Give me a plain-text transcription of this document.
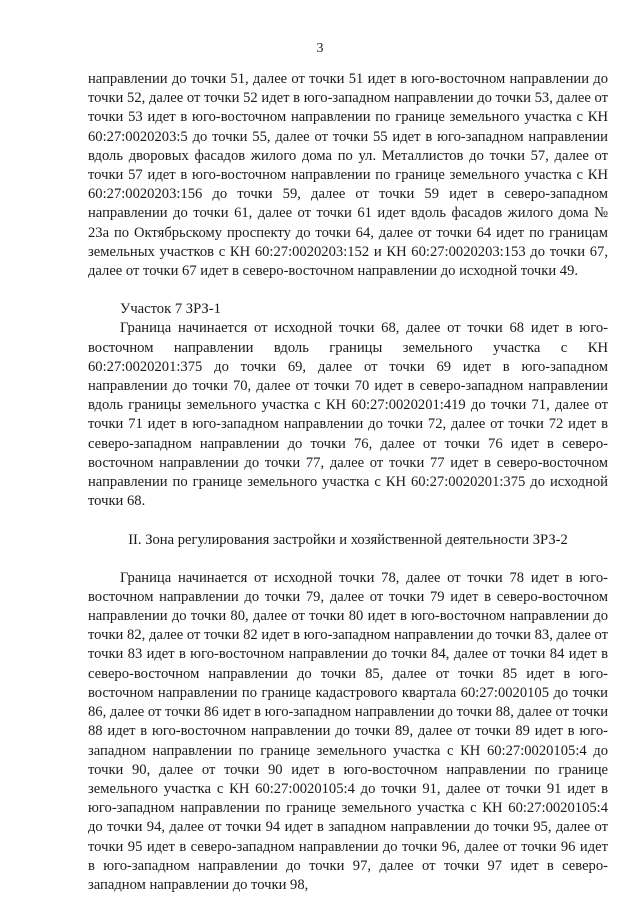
3

направлении до точки 51, далее от точки 51 идет в юго-восточном направлении до точки 52, далее от точки 52 идет в юго-западном направлении до точки 53, далее от точки 53 идет в юго-восточном направлении по границе земельного участка с КН 60:27:0020203:5 до точки 55, далее от точки 55 идет в юго-западном направлении вдоль дворовых фасадов жилого дома по ул. Металлистов до точки 57, далее от точки 57 идет в юго-восточном направлении по границе земельного участка с КН 60:27:0020203:156 до точки 59, далее от точки 59 идет в северо-западном направлении до точки 61, далее от точки 61 идет вдоль фасадов жилого дома № 23а по Октябрьскому проспекту до точки 64, далее от точки 64 идет по границам земельных участков с КН 60:27:0020203:152 и КН 60:27:0020203:153 до точки 67, далее от точки 67 идет в северо-восточном направлении до исходной точки 49.

Участок 7 ЗРЗ-1

Граница начинается от исходной точки 68, далее от точки 68 идет в юго-восточном направлении вдоль границы земельного участка с КН 60:27:0020201:375 до точки 69, далее от точки 69 идет в юго-западном направлении до точки 70, далее от точки 70 идет в северо-западном направлении вдоль границы земельного участка с КН 60:27:0020201:419 до точки 71, далее от точки 71 идет в юго-западном направлении до точки 72, далее от точки 72 идет в северо-западном направлении до точки 76, далее от точки 76 идет в северо-восточном направлении до точки 77, далее от точки 77 идет в северо-восточном направлении по границе земельного участка с КН 60:27:0020201:375 до исходной точки 68.

II. Зона регулирования застройки и хозяйственной деятельности ЗРЗ-2

Граница начинается от исходной точки 78, далее от точки 78 идет в юго-восточном направлении до точки 79, далее от точки 79 идет в северо-восточном направлении до точки 80, далее от точки 80 идет в юго-восточном направлении до точки 82, далее от точки 82 идет в юго-западном направлении до точки 83, далее от точки 83 идет в юго-восточном направлении до точки 84, далее от точки 84 идет в северо-восточном направлении до точки 85, далее от точки 85 идет в юго-восточном направлении по границе кадастрового квартала 60:27:0020105 до точки 86, далее от точки 86 идет в юго-западном направлении до точки 88, далее от точки 88 идет в юго-восточном направлении до точки 89, далее от точки 89 идет в юго-западном направлении по границе земельного участка с КН 60:27:0020105:4 до точки 90, далее от точки 90 идет в юго-восточном направлении по границе земельного участка с КН 60:27:0020105:4 до точки 91, далее от точки 91 идет в юго-западном направлении по границе земельного участка с КН 60:27:0020105:4 до точки 94, далее от точки 94 идет в западном направлении до точки 95, далее от точки 95 идет в северо-западном направлении до точки 96, далее от точки 96 идет в юго-западном направлении до точки 97, далее от точки 97 идет в северо-западном направлении до точки 98,
